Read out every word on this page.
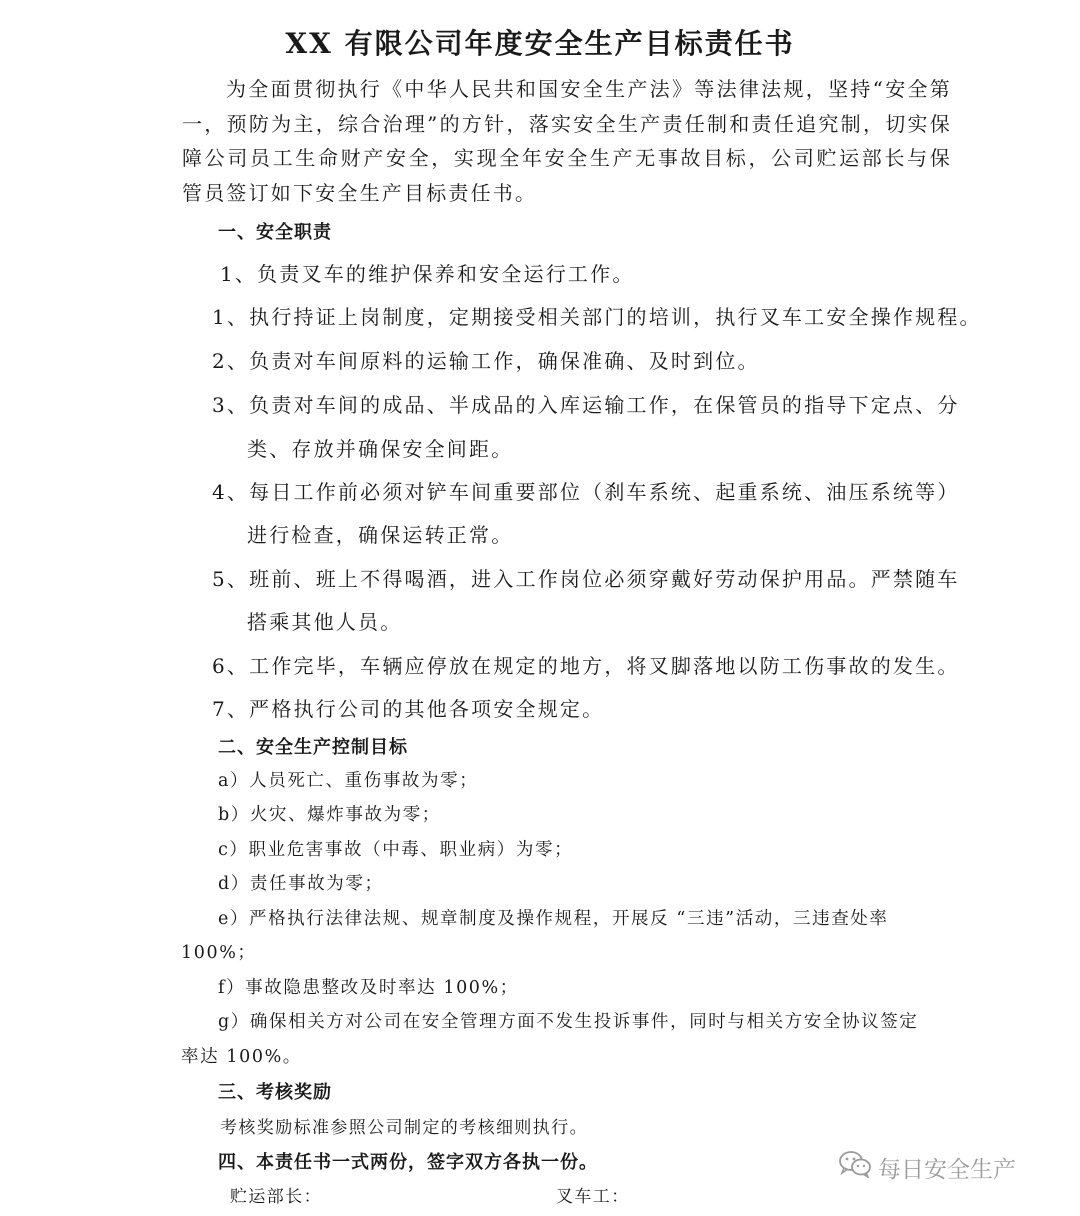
XX 有限公司年度安全生产目标责任书
为全面贯彻执行《中华人民共和国安全生产法》等法律法规，坚持“安全第一，预防为主，综合治理”的方针，落实安全生产责任制和责任追究制，切实保障公司员工生命财产安全，实现全年安全生产无事故目标，公司贮运部长与保管员签订如下安全生产目标责任书。
一、安全职责
1、负责叉车的维护保养和安全运行工作。
1、执行持证上岗制度，定期接受相关部门的培训，执行叉车工安全操作规程。
2、负责对车间原料的运输工作，确保准确、及时到位。
3、负责对车间的成品、半成品的入库运输工作，在保管员的指导下定点、分
类、存放并确保安全间距。
4、每日工作前必须对铲车间重要部位（刹车系统、起重系统、油压系统等）
进行检查，确保运转正常。
5、班前、班上不得喝酒，进入工作岗位必须穿戴好劳动保护用品。严禁随车
搭乘其他人员。
6、工作完毕，车辆应停放在规定的地方，将叉脚落地以防工伤事故的发生。
7、严格执行公司的其他各项安全规定。
二、安全生产控制目标
a）人员死亡、重伤事故为零；
b）火灾、爆炸事故为零；
c）职业危害事故（中毒、职业病）为零；
d）责任事故为零；
e）严格执行法律法规、规章制度及操作规程，开展反 “三违”活动，三违查处率
100%；
f）事故隐患整改及时率达 100%；
g）确保相关方对公司在安全管理方面不发生投诉事件，同时与相关方安全协议签定
率达 100%。
三、考核奖励
考核奖励标准参照公司制定的考核细则执行。
四、本责任书一式两份，签字双方各执一份。
贮运部长：	叉车工：
每日安全生产
